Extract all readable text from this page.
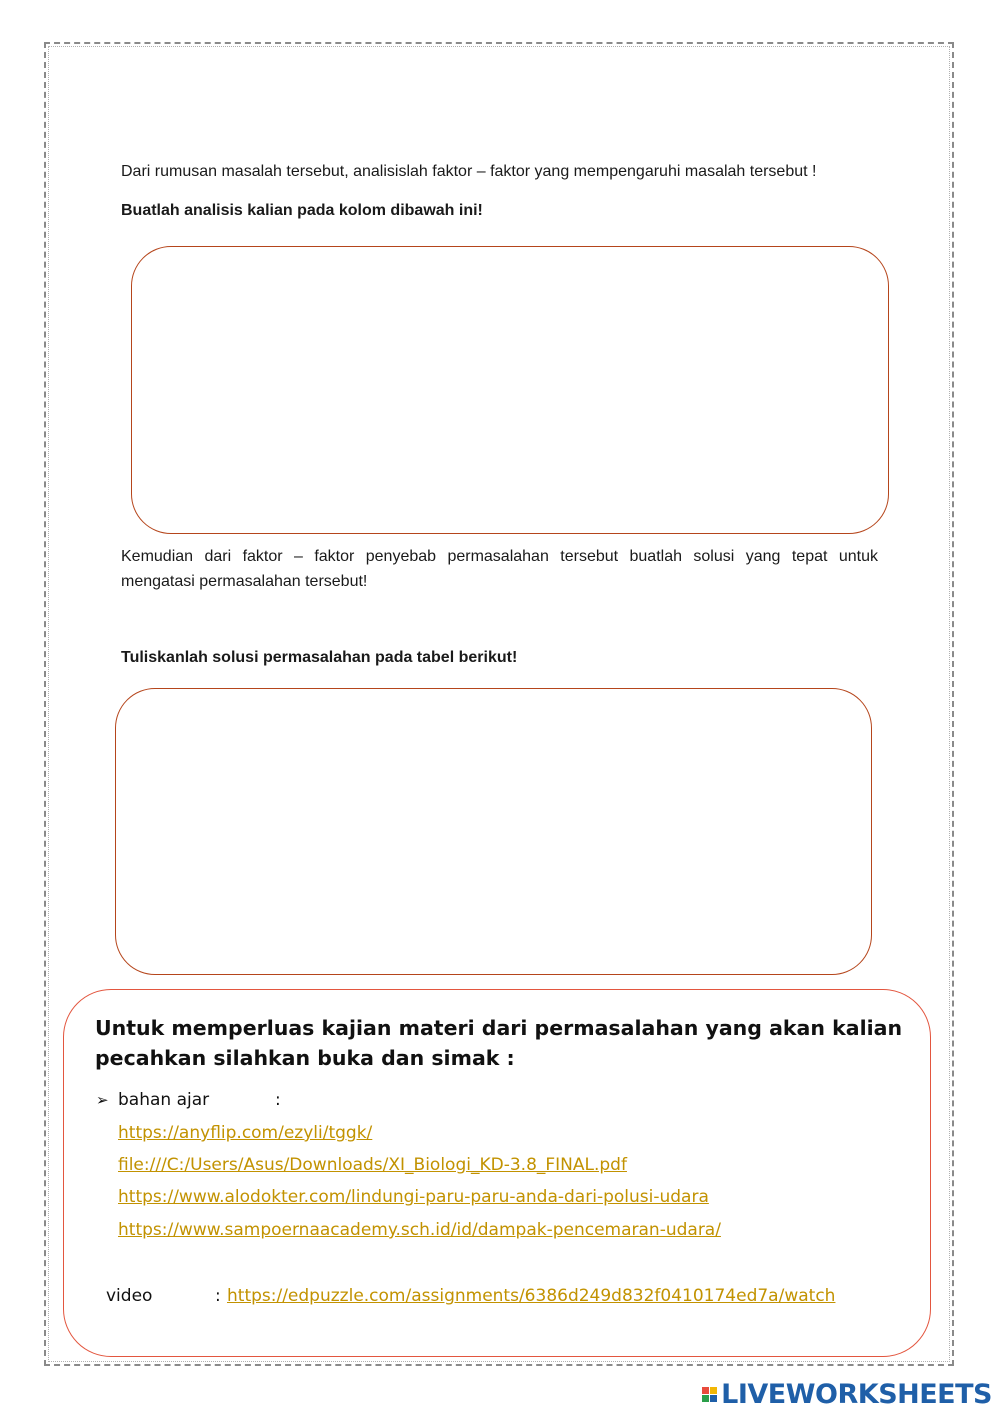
Dari rumusan masalah tersebut, analisislah faktor – faktor yang mempengaruhi masalah tersebut !
Buatlah analisis kalian pada kolom dibawah ini!
Kemudian dari faktor – faktor penyebab permasalahan tersebut buatlah solusi yang tepat untuk
mengatasi permasalahan tersebut!
Tuliskanlah solusi permasalahan pada tabel berikut!
Untuk memperluas kajian materi dari permasalahan yang akan kalian
pecahkan silahkan buka dan simak :
➢ bahan ajar	:
https://anyflip.com/ezyli/tggk/
file:///C:/Users/Asus/Downloads/XI_Biologi_KD-3.8_FINAL.pdf
https://www.alodokter.com/lindungi-paru-paru-anda-dari-polusi-udara
https://www.sampoernaacademy.sch.id/id/dampak-pencemaran-udara/
video	: https://edpuzzle.com/assignments/6386d249d832f0410174ed7a/watch
LIVEWORKSHEETS
